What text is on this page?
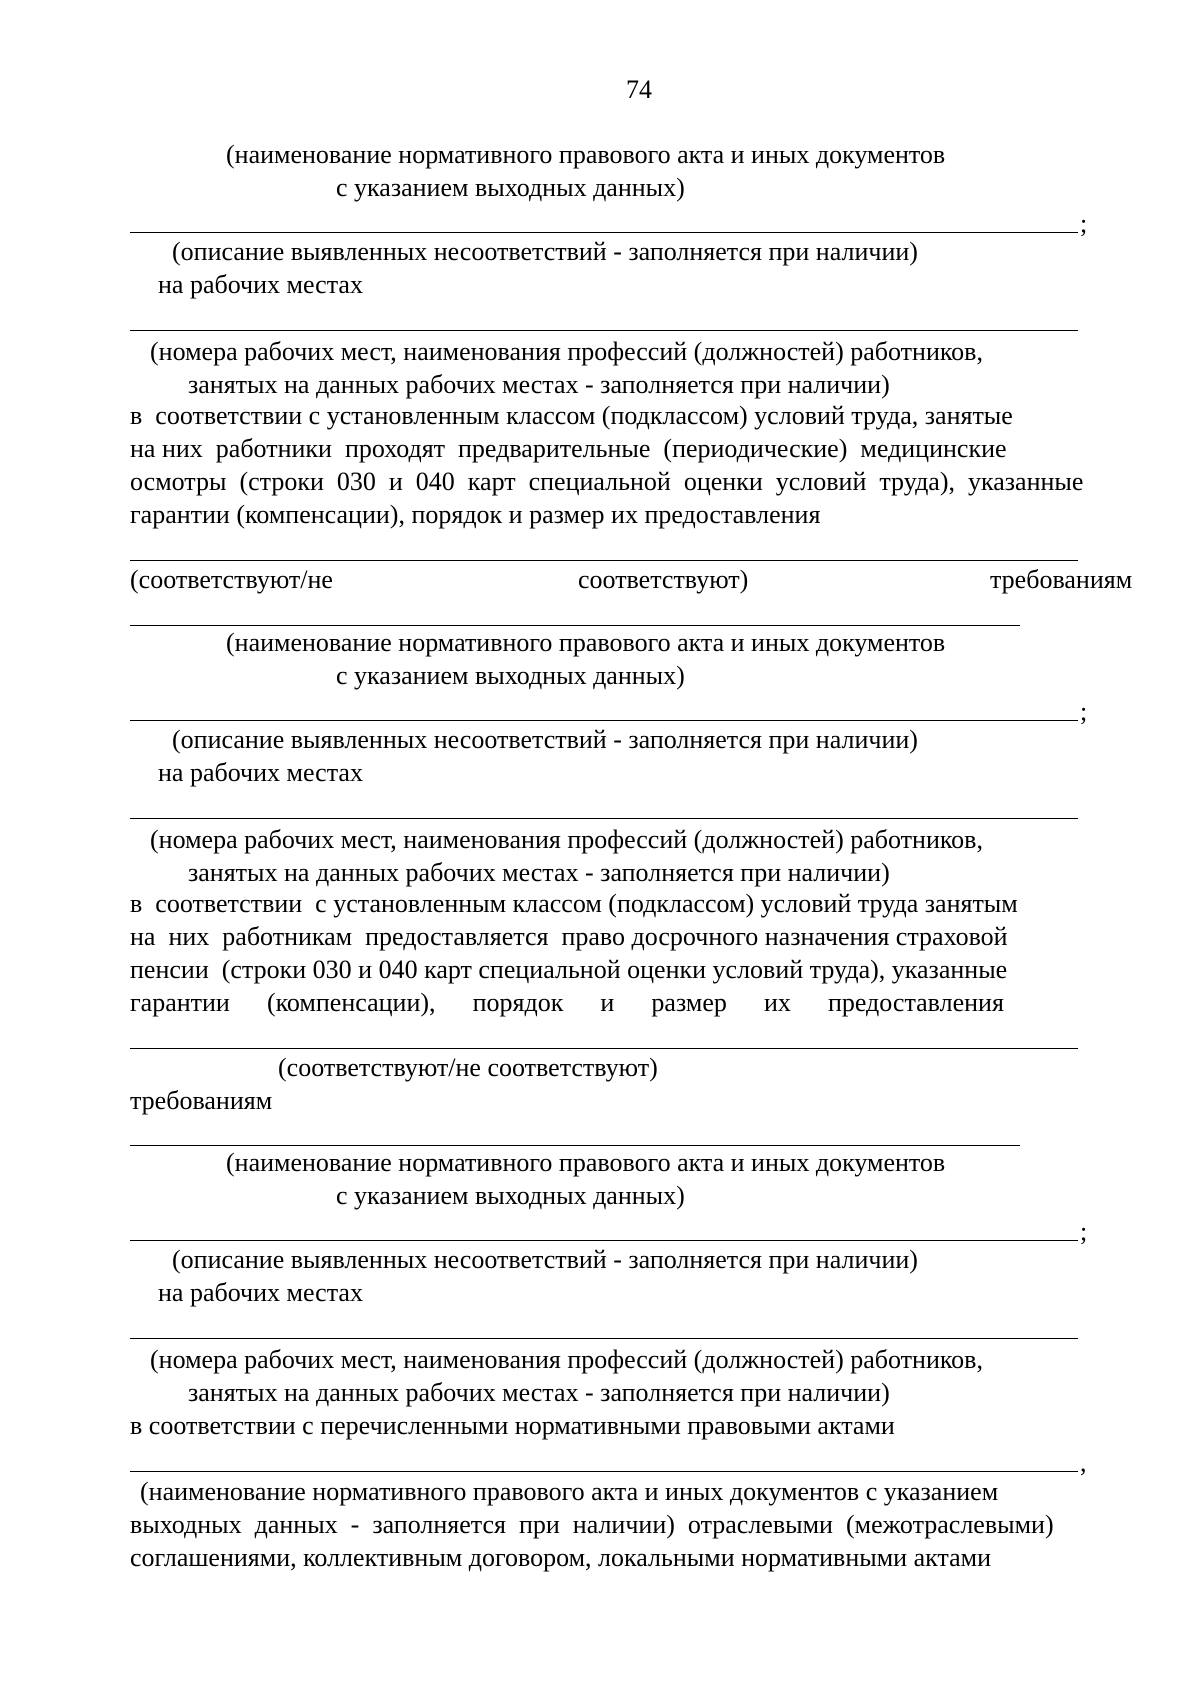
74
(наименование нормативного правового акта и иных документов
с указанием выходных данных)
;
(описание выявленных несоответствий - заполняется при наличии)
на рабочих местах
(номера рабочих мест, наименования профессий (должностей) работников,
занятых на данных рабочих местах - заполняется при наличии)
в  соответствии с установленным классом (подклассом) условий труда, занятые
на них  работники  проходят  предварительные  (периодические)  медицинские
осмотры  (строки  030  и  040  карт  специальной  оценки  условий  труда),  указанные
гарантии (компенсации), порядок и размер их предоставления
(соответствуют/не	соответствуют)	требованиям
(наименование нормативного правового акта и иных документов
с указанием выходных данных)
;
(описание выявленных несоответствий - заполняется при наличии)
на рабочих местах
(номера рабочих мест, наименования профессий (должностей) работников,
занятых на данных рабочих местах - заполняется при наличии)
в  соответствии  с установленным классом (подклассом) условий труда занятым
на  них  работникам  предоставляется  право досрочного назначения страховой
пенсии  (строки 030 и 040 карт специальной оценки условий труда), указанные
гарантии (компенсации), порядок и размер их предоставления
(соответствуют/не соответствуют)
требованиям
(наименование нормативного правового акта и иных документов
с указанием выходных данных)
;
(описание выявленных несоответствий - заполняется при наличии)
на рабочих местах
(номера рабочих мест, наименования профессий (должностей) работников,
занятых на данных рабочих местах - заполняется при наличии)
в соответствии с перечисленными нормативными правовыми актами
,
(наименование нормативного правового акта и иных документов с указанием
выходных  данных  -  заполняется  при  наличии)  отраслевыми  (межотраслевыми)
соглашениями, коллективным договором, локальными нормативными актами
